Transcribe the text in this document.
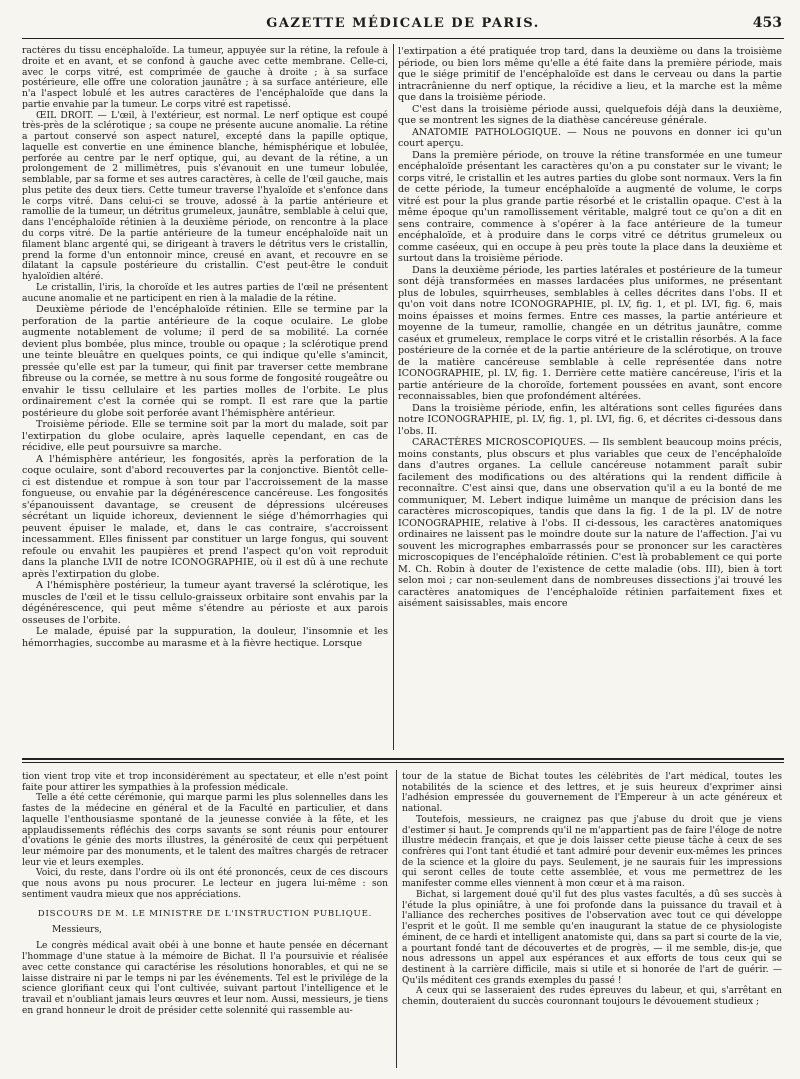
GAZETTE MÉDICALE DE PARIS.	453

ractères du tissu encéphaloïde. La tumeur, appuyée sur la rétine, la refoule à droite et en avant, et se confond à gauche avec cette membrane. Celle-ci, avec le corps vitré, est comprimée de gauche à droite ; à sa surface postérieure, elle offre une coloration jaunâtre ; à sa surface antérieure, elle n'a l'aspect lobulé et les autres caractères de l'encéphaloïde que dans la partie envahie par la tumeur. Le corps vitré est rapetissé.

ŒIL DROIT. — L'œil, à l'extérieur, est normal. Le nerf optique est coupé très-près de la sclérotique ; sa coupe ne présente aucune anomalie. La rétine a partout conservé son aspect naturel, excepté dans la papille optique, laquelle est convertie en une éminence blanche, hémisphérique et lobulée, perforée au centre par le nerf optique, qui, au devant de la rétine, a un prolongement de 2 millimètres, puis s'évanouit en une tumeur lobulée, semblable, par sa forme et ses autres caractères, à celle de l'œil gauche, mais plus petite des deux tiers. Cette tumeur traverse l'hyaloïde et s'enfonce dans le corps vitré. Dans celui-ci se trouve, adossé à la partie antérieure et ramollie de la tumeur, un détritus grumeleux, jaunâtre, semblable à celui que, dans l'encéphaloïde rétinien à la deuxième période, on rencontre à la place du corps vitré. De la partie antérieure de la tumeur encéphaloïde nait un filament blanc argenté qui, se dirigeant à travers le détritus vers le cristallin, prend la forme d'un entonnoir mince, creusé en avant, et recouvre en se dilatant la capsule postérieure du cristallin. C'est peut-être le conduit hyaloïdien altéré.

Le cristallin, l'iris, la choroïde et les autres parties de l'œil ne présentent aucune anomalie et ne participent en rien à la maladie de la rétine.

Deuxième période de l'encéphaloïde rétinien. Elle se termine par la perforation de la partie antérieure de la coque oculaire. Le globe augmente notablement de volume; il perd de sa mobilité. La cornée devient plus bombée, plus mince, trouble ou opaque ; la sclérotique prend une teinte bleuâtre en quelques points, ce qui indique qu'elle s'amincit, pressée qu'elle est par la tumeur, qui finit par traverser cette membrane fibreuse ou la cornée, se mettre à nu sous forme de fongosité rougeâtre ou envahir le tissu cellulaire et les parties molles de l'orbite. Le plus ordinairement c'est la cornée qui se rompt. Il est rare que la partie postérieure du globe soit perforée avant l'hémisphère antérieur.

Troisième période. Elle se termine soit par la mort du malade, soit par l'extirpation du globe oculaire, après laquelle cependant, en cas de récidive, elle peut poursuivre sa marche.

A l'hémisphère antérieur, les fongosités, après la perforation de la coque oculaire, sont d'abord recouvertes par la conjonctive. Bientôt celle-ci est distendue et rompue à son tour par l'accroissement de la masse fongueuse, ou envahie par la dégénérescence cancéreuse. Les fongosités s'épanouissent davantage, se creusent de dépressions ulcéreuses sécrétant un liquide ichoreux, deviennent le siége d'hémorrhagies qui peuvent épuiser le malade, et, dans le cas contraire, s'accroissent incessamment. Elles finissent par constituer un large fongus, qui souvent refoule ou envahit les paupières et prend l'aspect qu'on voit reproduit dans la planche LVII de notre ICONOGRAPHIE, où il est dû à une rechute après l'extirpation du globe.

A l'hémisphère postérieur, la tumeur ayant traversé la sclérotique, les muscles de l'œil et le tissu cellulo-graisseux orbitaire sont envahis par la dégénérescence, qui peut même s'étendre au périoste et aux parois osseuses de l'orbite.

Le malade, épuisé par la suppuration, la douleur, l'insomnie et les hémorrhagies, succombe au marasme et à la fièvre hectique. Lorsque

l'extirpation a été pratiquée trop tard, dans la deuxième ou dans la troisième période, ou bien lors même qu'elle a été faite dans la première période, mais que le siége primitif de l'encéphaloïde est dans le cerveau ou dans la partie intracrânienne du nerf optique, la récidive a lieu, et la marche est la même que dans la troisième période.

C'est dans la troisième période aussi, quelquefois déjà dans la deuxième, que se montrent les signes de la diathèse cancéreuse générale.

ANATOMIE PATHOLOGIQUE. — Nous ne pouvons en donner ici qu'un court aperçu.

Dans la première période, on trouve la rétine transformée en une tumeur encéphaloïde présentant les caractères qu'on a pu constater sur le vivant; le corps vitré, le cristallin et les autres parties du globe sont normaux. Vers la fin de cette période, la tumeur encéphaloïde a augmenté de volume, le corps vitré est pour la plus grande partie résorbé et le cristallin opaque. C'est à la même époque qu'un ramollissement véritable, malgré tout ce qu'on a dit en sens contraire, commence à s'opérer à la face antérieure de la tumeur encéphaloïde, et à produire dans le corps vitré ce détritus grumeleux ou comme caséeux, qui en occupe à peu près toute la place dans la deuxième et surtout dans la troisième période.

Dans la deuxième période, les parties latérales et postérieure de la tumeur sont déjà transformées en masses lardacées plus uniformes, ne présentant plus de lobules, squirrheuses, semblables à celles décrites dans l'obs. II et qu'on voit dans notre ICONOGRAPHIE, pl. LV, fig. 1, et pl. LVI, fig. 6, mais moins épaisses et moins fermes. Entre ces masses, la partie antérieure et moyenne de la tumeur, ramollie, changée en un détritus jaunâtre, comme caséux et grumeleux, remplace le corps vitré et le cristallin résorbés. A la face postérieure de la cornée et de la partie antérieure de la sclérotique, on trouve de la matière cancéreuse semblable à celle représentée dans notre ICONOGRAPHIE, pl. LV, fig. 1. Derrière cette matière cancéreuse, l'iris et la partie antérieure de la choroïde, fortement poussées en avant, sont encore reconnaissables, bien que profondément altérées.

Dans la troisième période, enfin, les altérations sont celles figurées dans notre ICONOGRAPHIE, pl. LV, fig. 1, pl. LVI, fig. 6, et décrites ci-dessous dans l'obs. II.

CARACTÈRES MICROSCOPIQUES. — Ils semblent beaucoup moins précis, moins constants, plus obscurs et plus variables que ceux de l'encéphaloïde dans d'autres organes. La cellule cancéreuse notamment paraît subir facilement des modifications ou des altérations qui la rendent difficile à reconnaître. C'est ainsi que, dans une observation qu'il a eu la bonté de me communiquer, M. Lebert indique luimême un manque de précision dans les caractères microscopiques, tandis que dans la fig. 1 de la pl. LV de notre ICONOGRAPHIE, relative à l'obs. II ci-dessous, les caractères anatomiques ordinaires ne laissent pas le moindre doute sur la nature de l'affection. J'ai vu souvent les micrographes embarrassés pour se prononcer sur les caractères microscopiques de l'encéphaloïde rétinien. C'est là probablement ce qui porte M. Ch. Robin à douter de l'existence de cette maladie (obs. III), bien à tort selon moi ; car non-seulement dans de nombreuses dissections j'ai trouvé les caractères anatomiques de l'encéphaloïde rétinien parfaitement fixes et aisément saisissables, mais encore

tion vient trop vite et trop inconsidérément au spectateur, et elle n'est point faite pour attirer les sympathies à la profession médicale.

Telle a été cette cérémonie, qui marque parmi les plus solennelles dans les fastes de la médecine en général et de la Faculté en particulier, et dans laquelle l'enthousiasme spontané de la jeunesse conviée à la fête, et les applaudissements réfléchis des corps savants se sont réunis pour entourer d'ovations le génie des morts illustres, la générosité de ceux qui perpétuent leur mémoire par des monuments, et le talent des maîtres chargés de retracer leur vie et leurs exemples.

Voici, du reste, dans l'ordre où ils ont été prononcés, ceux de ces discours que nous avons pu nous procurer. Le lecteur en jugera lui-même : son sentiment vaudra mieux que nos appréciations.

DISCOURS DE M. LE MINISTRE DE L'INSTRUCTION PUBLIQUE.

Messieurs,

Le congrès médical avait obéi à une bonne et haute pensée en décernant l'hommage d'une statue à la mémoire de Bichat. Il l'a poursuivie et réalisée avec cette constance qui caractérise les résolutions honorables, et qui ne se laisse distraire ni par le temps ni par les événements. Tel est le privilége de la science glorifiant ceux qui l'ont cultivée, suivant partout l'intelligence et le travail et n'oubliant jamais leurs œuvres et leur nom. Aussi, messieurs, je tiens en grand honneur le droit de présider cette solennité qui rassemble au-

tour de la statue de Bichat toutes les célébrités de l'art médical, toutes les notabilités de la science et des lettres, et je suis heureux d'exprimer ainsi l'adhésion empressée du gouvernement de l'Empereur à un acte généreux et national.

Toutefois, messieurs, ne craignez pas que j'abuse du droit que je viens d'estimer si haut. Je comprends qu'il ne m'appartient pas de faire l'éloge de notre illustre médecin français, et que je dois laisser cette pieuse tâche à ceux de ses confrères qui l'ont tant étudié et tant admiré pour devenir eux-mêmes les princes de la science et la gloire du pays. Seulement, je ne saurais fuir les impressions qui seront celles de toute cette assemblée, et vous me permettrez de les manifester comme elles viennent à mon cœur et à ma raison.

Bichat, si largement doué qu'il fut des plus vastes facultés, a dû ses succès à l'étude la plus opiniâtre, à une foi profonde dans la puissance du travail et à l'alliance des recherches positives de l'observation avec tout ce qui développe l'esprit et le goût. Il me semble qu'en inaugurant la statue de ce physiologiste éminent, de ce hardi et intelligent anatomiste qui, dans sa part si courte de la vie, a pourtant fondé tant de découvertes et de progrès, — il me semble, dis-je, que nous adressons un appel aux espérances et aux efforts de tous ceux qui se destinent à la carrière difficile, mais si utile et si honorée de l'art de guérir. — Qu'ils méditent ces grands exemples du passé !

A ceux qui se lasseraient des rudes épreuves du labeur, et qui, s'arrêtant en chemin, douteraient du succès couronnant toujours le dévouement studieux ;
